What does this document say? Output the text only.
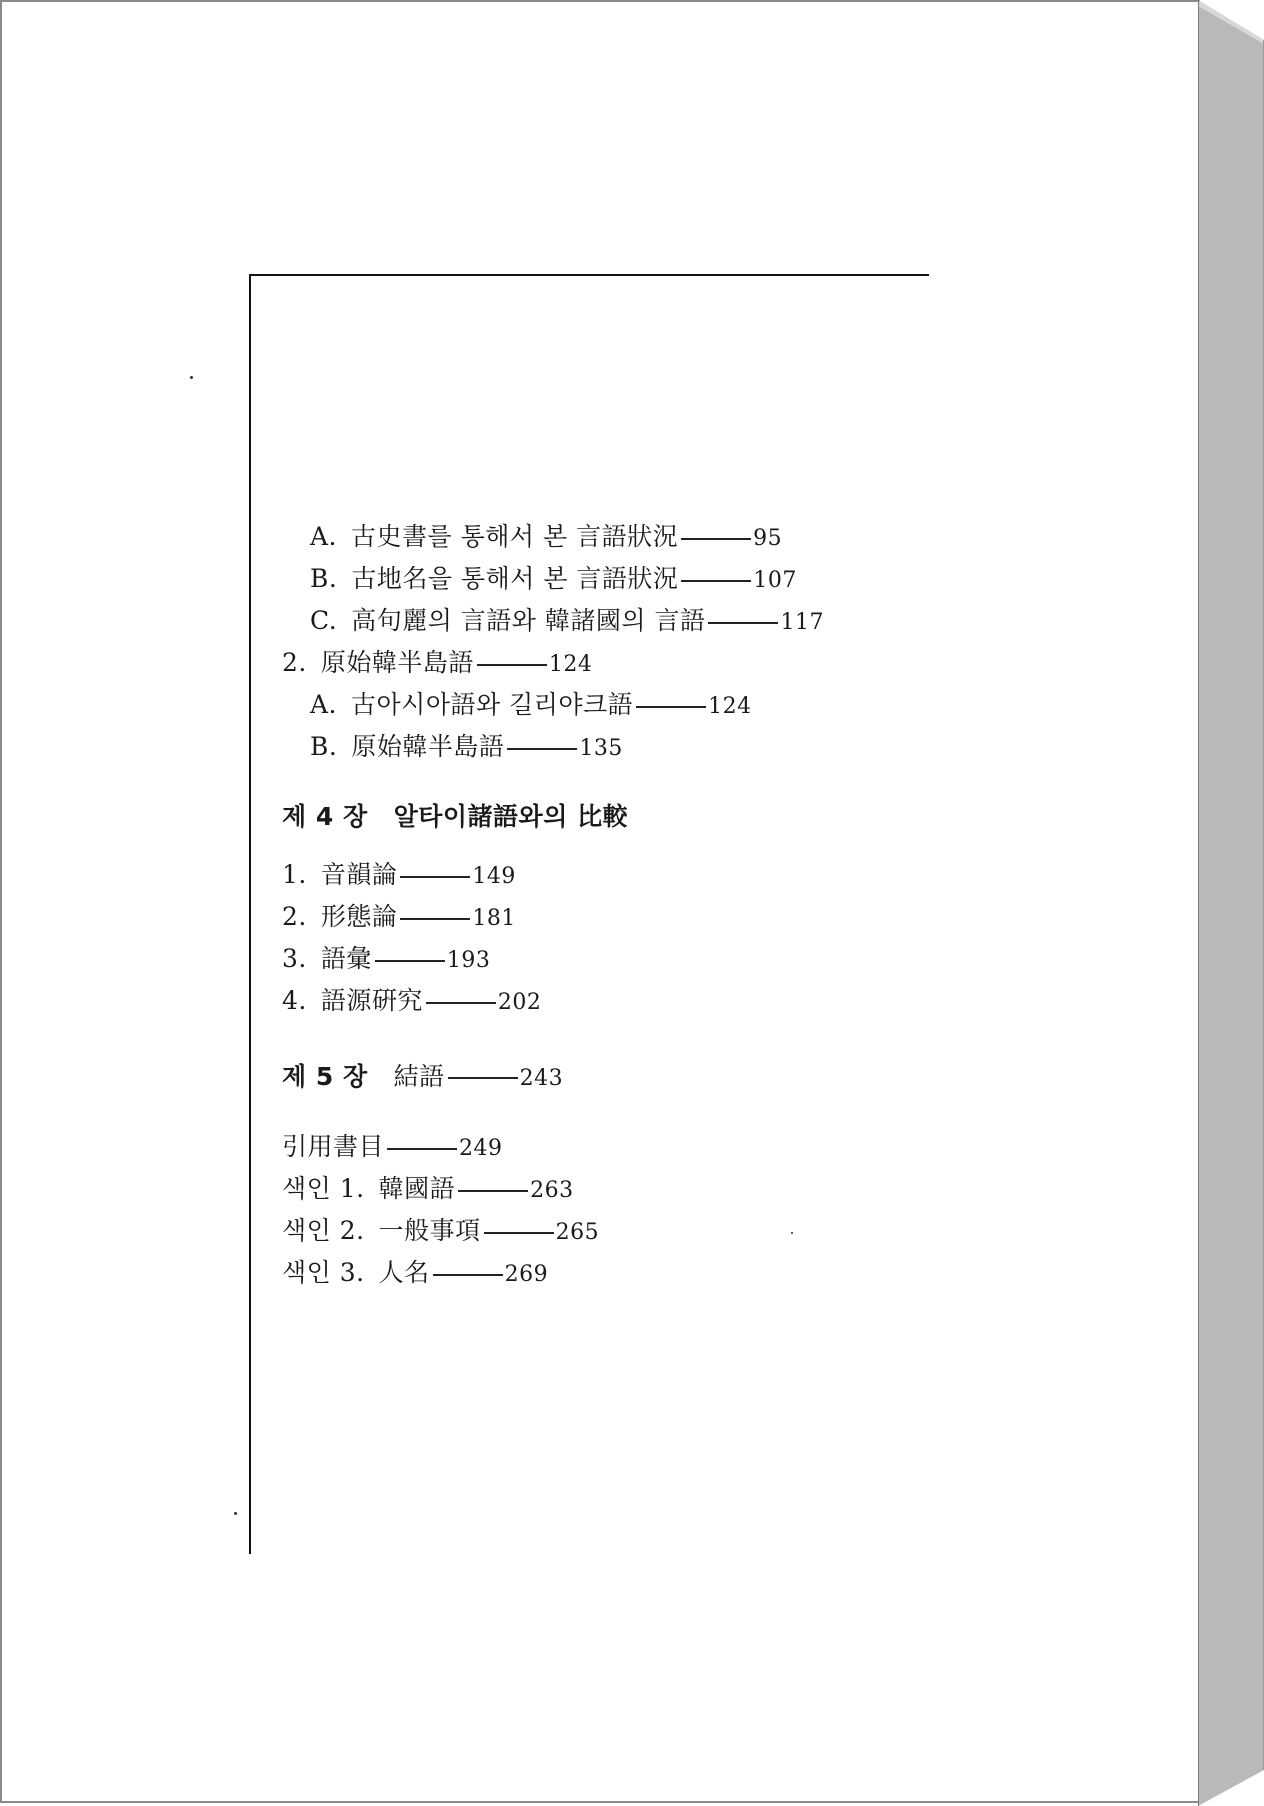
A. 古史書를 통해서 본 言語狀況	95
B. 古地名을 통해서 본 言語狀況	107
C. 高句麗의 言語와 韓諸國의 言語	117
2. 原始韓半島語	124
A. 古아시아語와 길리야크語	124
B. 原始韓半島語	135
제 4 장 알타이諸語와의 比較
1. 音韻論	149
2. 形態論	181
3. 語彙	193
4. 語源硏究	202
제 5 장 結語	243
引用書目	249
색인 1. 韓國語	263
색인 2. 一般事項	265
색인 3. 人名	269
